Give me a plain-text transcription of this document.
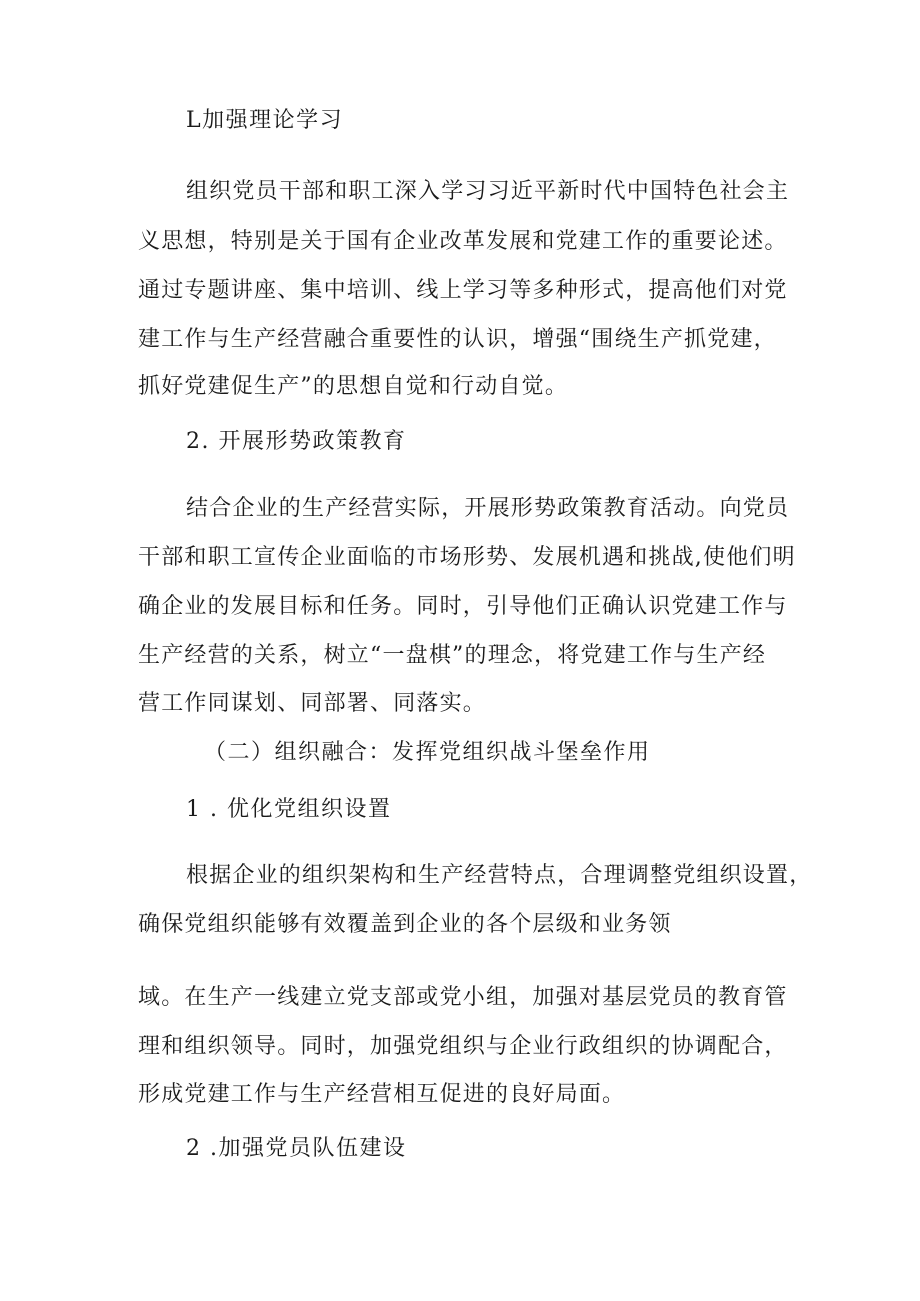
L加强理论学习
组织党员干部和职工深入学习习近平新时代中国特色社会主
义思想，特别是关于国有企业改革发展和党建工作的重要论述。
通过专题讲座、集中培训、线上学习等多种形式，提高他们对党
建工作与生产经营融合重要性的认识，增强“围绕生产抓党建，
抓好党建促生产”的思想自觉和行动自觉。
2. 开展形势政策教育
结合企业的生产经营实际，开展形势政策教育活动。向党员
干部和职工宣传企业面临的市场形势、发展机遇和挑战,使他们明
确企业的发展目标和任务。同时，引导他们正确认识党建工作与
生产经营的关系，树立“一盘棋”的理念，将党建工作与生产经
营工作同谋划、同部署、同落实。
（二）组织融合：发挥党组织战斗堡垒作用
1 . 优化党组织设置
根据企业的组织架构和生产经营特点，合理调整党组织设置，
确保党组织能够有效覆盖到企业的各个层级和业务领
域。在生产一线建立党支部或党小组，加强对基层党员的教育管
理和组织领导。同时，加强党组织与企业行政组织的协调配合，
形成党建工作与生产经营相互促进的良好局面。
2 .加强党员队伍建设
